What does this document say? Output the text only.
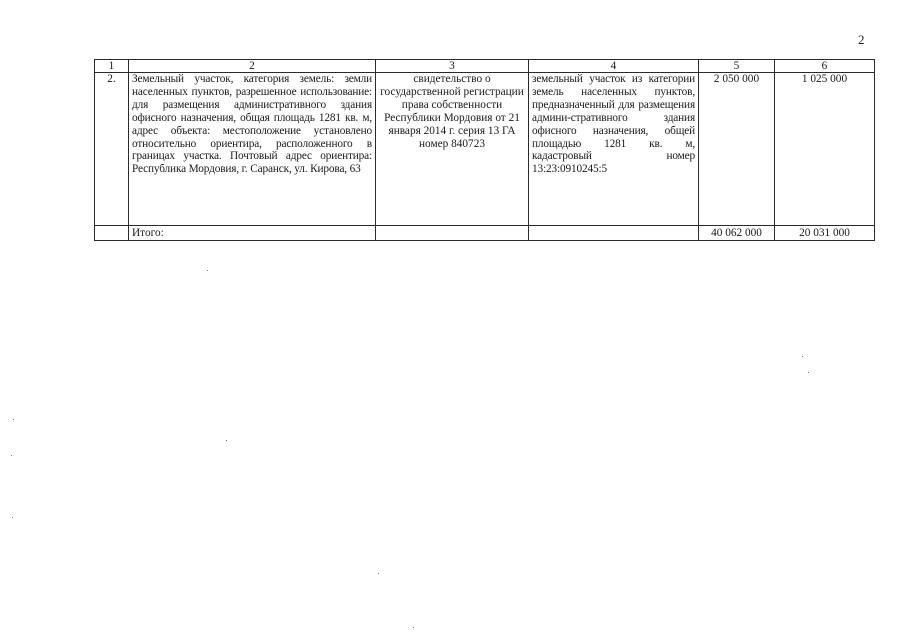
2
1	2	3	4	5	6
2.	Земельный участок, категория земель: земли населенных пунктов, разрешенное использование: для размещения административного здания офисного назначения, общая площадь 1281 кв. м, адрес объекта: местоположение установлено относительно ориентира, расположенного в границах участка. Почтовый адрес ориентира: Республика Мордовия, г. Саранск, ул. Кирова, 63	свидетельство о государственной регистрации права собственности Республики Мордовия от 21 января 2014 г. серия 13 ГА номер 840723	земельный участок из категории земель населенных пунктов, предназначенный для размещения админи-стративного здания офисного назначения, общей площадью 1281 кв. м, кадастровый номер 13:23:0910245:5	2 050 000	1 025 000
	Итого:			40 062 000	20 031 000
